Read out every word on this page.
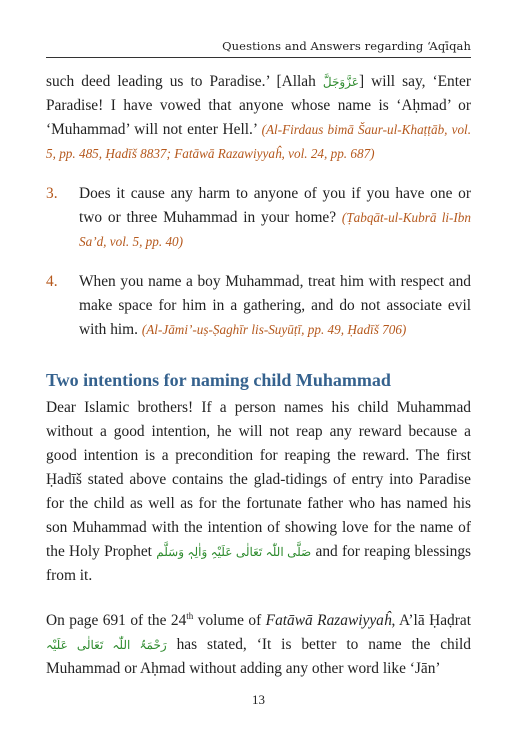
Questions and Answers regarding ‘Aqīqah

such deed leading us to Paradise.’ [Allah عَزَّوَجَلَّ] will say, ‘Enter Paradise! I have vowed that anyone whose name is ‘Aḥmad’ or ‘Muhammad’ will not enter Hell.’ (Al-Firdaus bimā Šaur-ul-Khaṭṭāb, vol. 5, pp. 485, Ḥadīš 8837; Fatāwā Razawiyyaĥ, vol. 24, pp. 687)

3.	Does it cause any harm to anyone of you if you have one or two or three Muhammad in your home? (Ṭabqāt-ul-Kubrā li-Ibn Sa’d, vol. 5, pp. 40)
4.	When you name a boy Muhammad, treat him with respect and make space for him in a gathering, and do not associate evil with him. (Al-Jāmi’-uṣ-Ṣaghīr lis-Suyūṭī, pp. 49, Ḥadīš 706)
Two intentions for naming child Muhammad

Dear Islamic brothers! If a person names his child Muhammad without a good intention, he will not reap any reward because a good intention is a precondition for reaping the reward. The first Ḥadīš stated above contains the glad-tidings of entry into Paradise for the child as well as for the fortunate father who has named his son Muhammad with the intention of showing love for the name of the Holy Prophet صَلَّی اللّٰہ تَعَالٰی عَلَیْہِ وَاٰلِہٖ وَسَلَّم and for reaping blessings from it.

On page 691 of the 24th volume of Fatāwā Razawiyyaĥ, A’lā Ḥaḍrat رَحْمَۃُ اللّٰہ تَعَالٰی عَلَیْہ has stated, ‘It is better to name the child Muhammad or Aḥmad without adding any other word like ‘Jān’

13
